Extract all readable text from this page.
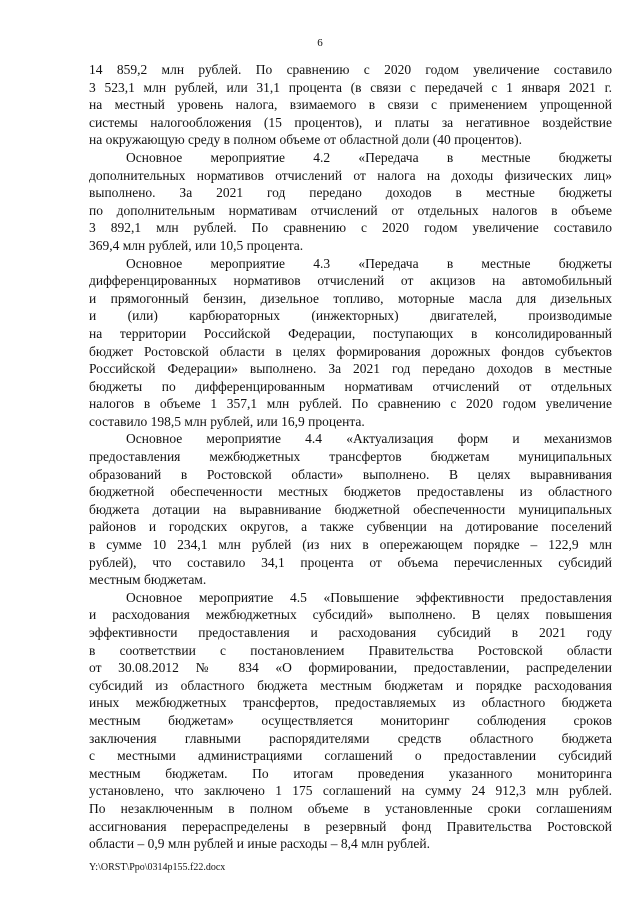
6
14 859,2 млн рублей. По сравнению с 2020 годом увеличение составило
3 523,1 млн рублей, или 31,1 процента (в связи с передачей с 1 января 2021 г.
на местный уровень налога, взимаемого в связи с применением упрощенной
системы налогообложения (15 процентов), и платы за негативное воздействие
на окружающую среду в полном объеме от областной доли (40 процентов).
Основное мероприятие 4.2 «Передача в местные бюджеты
дополнительных нормативов отчислений от налога на доходы физических лиц»
выполнено. За 2021 год передано доходов в местные бюджеты
по дополнительным нормативам отчислений от отдельных налогов в объеме
3 892,1 млн рублей. По сравнению с 2020 годом увеличение составило
369,4 млн рублей, или 10,5 процента.
Основное мероприятие 4.3 «Передача в местные бюджеты
дифференцированных нормативов отчислений от акцизов на автомобильный
и прямогонный бензин, дизельное топливо, моторные масла для дизельных
и (или) карбюраторных (инжекторных) двигателей, производимые
на территории Российской Федерации, поступающих в консолидированный
бюджет Ростовской области в целях формирования дорожных фондов субъектов
Российской Федерации» выполнено. За 2021 год передано доходов в местные
бюджеты по дифференцированным нормативам отчислений от отдельных
налогов в объеме 1 357,1 млн рублей. По сравнению с 2020 годом увеличение
составило 198,5 млн рублей, или 16,9 процента.
Основное мероприятие 4.4 «Актуализация форм и механизмов
предоставления межбюджетных трансфертов бюджетам муниципальных
образований в Ростовской области» выполнено. В целях выравнивания
бюджетной обеспеченности местных бюджетов предоставлены из областного
бюджета дотации на выравнивание бюджетной обеспеченности муниципальных
районов и городских округов, а также субвенции на дотирование поселений
в сумме 10 234,1 млн рублей (из них в опережающем порядке – 122,9 млн
рублей), что составило 34,1 процента от объема перечисленных субсидий
местным бюджетам.
Основное мероприятие 4.5 «Повышение эффективности предоставления
и расходования межбюджетных субсидий» выполнено. В целях повышения
эффективности предоставления и расходования субсидий в 2021 году
в соответствии с постановлением Правительства Ростовской области
от 30.08.2012 № 834 «О формировании, предоставлении, распределении
субсидий из областного бюджета местным бюджетам и порядке расходования
иных межбюджетных трансфертов, предоставляемых из областного бюджета
местным бюджетам» осуществляется мониторинг соблюдения сроков
заключения главными распорядителями средств областного бюджета
с местными администрациями соглашений о предоставлении субсидий
местным бюджетам. По итогам проведения указанного мониторинга
установлено, что заключено 1 175 соглашений на сумму 24 912,3 млн рублей.
По незаключенным в полном объеме в установленные сроки соглашениям
ассигнования перераспределены в резервный фонд Правительства Ростовской
области – 0,9 млн рублей и иные расходы – 8,4 млн рублей.
Y:\ORST\Ppo\0314p155.f22.docx
